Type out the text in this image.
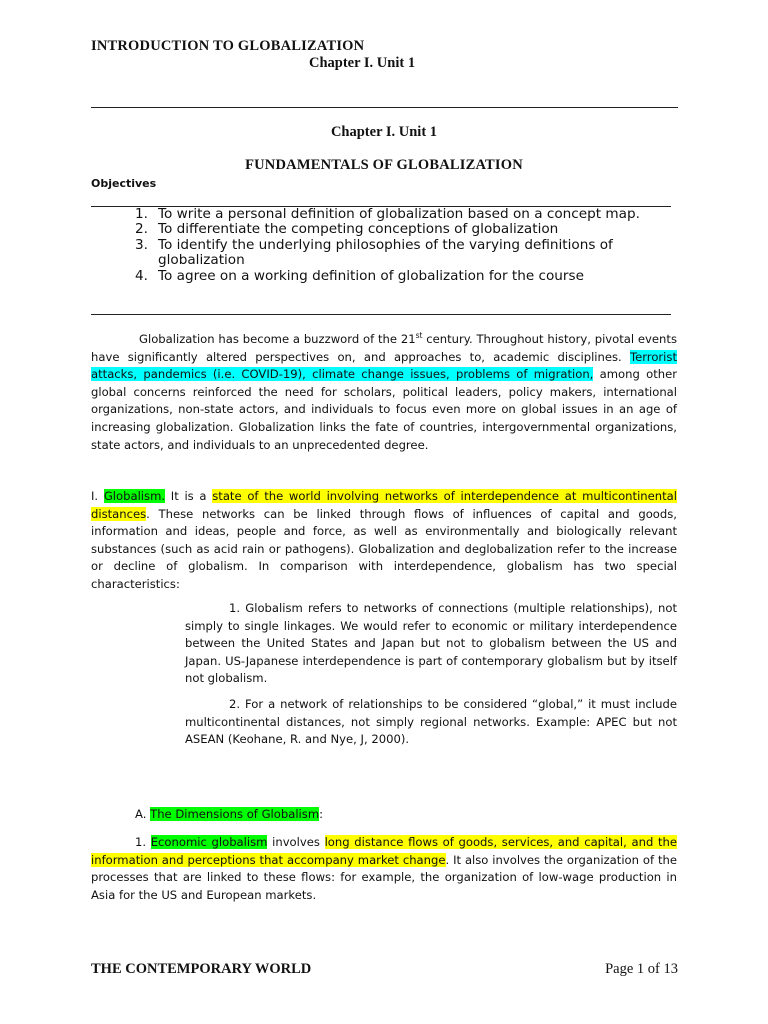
INTRODUCTION TO GLOBALIZATION
Chapter I. Unit 1
Chapter I. Unit 1
FUNDAMENTALS OF GLOBALIZATION
Objectives
1. To write a personal definition of globalization based on a concept map.
2. To differentiate the competing conceptions of globalization
3. To identify the underlying philosophies of the varying definitions of globalization
4. To agree on a working definition of globalization for the course

Globalization has become a buzzword of the 21st century. Throughout history, pivotal events have significantly altered perspectives on, and approaches to, academic disciplines. Terrorist attacks, pandemics (i.e. COVID-19), climate change issues, problems of migration, among other global concerns reinforced the need for scholars, political leaders, policy makers, international organizations, non-state actors, and individuals to focus even more on global issues in an age of increasing globalization. Globalization links the fate of countries, intergovernmental organizations, state actors, and individuals to an unprecedented degree.

I. Globalism. It is a state of the world involving networks of interdependence at multicontinental distances. These networks can be linked through flows of influences of capital and goods, information and ideas, people and force, as well as environmentally and biologically relevant substances (such as acid rain or pathogens). Globalization and deglobalization refer to the increase or decline of globalism. In comparison with interdependence, globalism has two special characteristics:

1. Globalism refers to networks of connections (multiple relationships), not simply to single linkages. We would refer to economic or military interdependence between the United States and Japan but not to globalism between the US and Japan. US-Japanese interdependence is part of contemporary globalism but by itself not globalism.

2. For a network of relationships to be considered “global,” it must include multicontinental distances, not simply regional networks. Example: APEC but not ASEAN (Keohane, R. and Nye, J, 2000).

A. The Dimensions of Globalism:

1. Economic globalism involves long distance flows of goods, services, and capital, and the information and perceptions that accompany market change. It also involves the organization of the processes that are linked to these flows: for example, the organization of low-wage production in Asia for the US and European markets.

THE CONTEMPORARY WORLD	Page 1 of 13
